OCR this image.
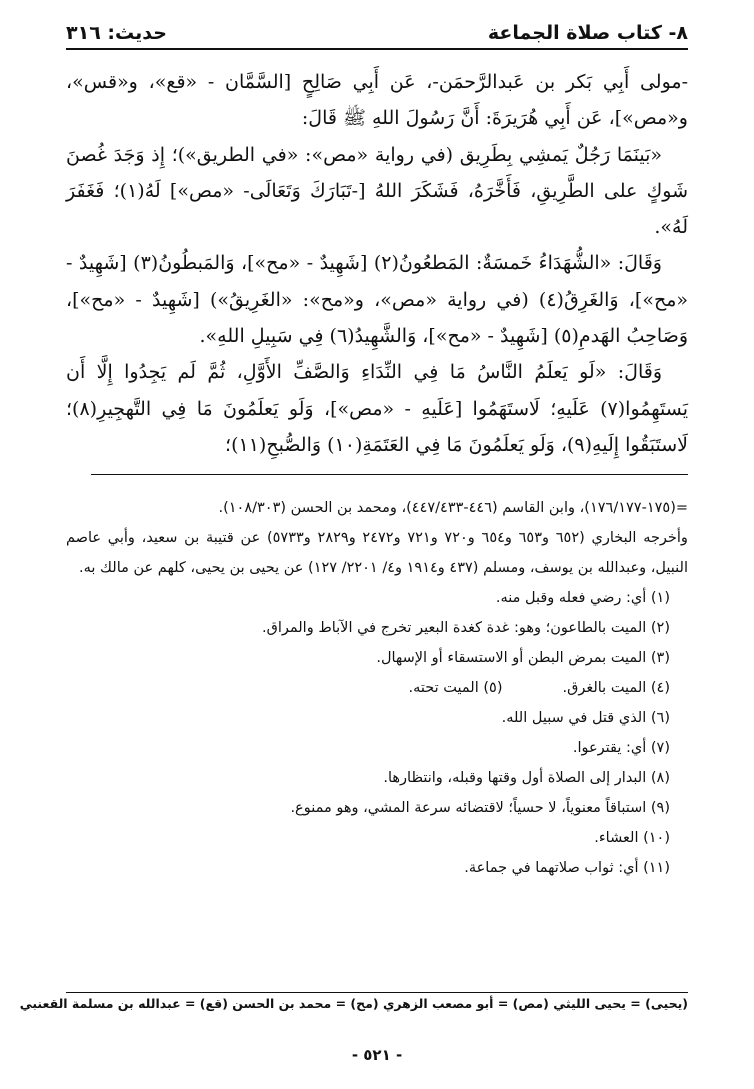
٨- كتاب صلاة الجماعة
حديث: ٣١٦

-مولى أَبِي بَكر بن عَبدالرَّحمَن-، عَن أَبِي صَالِحٍ [السَّمَّان - «قع»، و«قس»، و«مص»]، عَن أَبِي هُرَيرَةَ: أَنَّ رَسُولَ اللهِ ﷺ قَالَ:

«بَينَمَا رَجُلٌ يَمشِي بِطَرِيق (في رواية «مص»: «في الطريق»)؛ إِذ وَجَدَ غُصنَ شَوكٍ على الطَّرِيقِ، فَأَخَّرَهُ، فَشَكَرَ اللهُ [-تَبَارَكَ وَتَعَالَى- «مص»] لَهُ(١)؛ فَغَفَرَ لَهُ».

وَقَالَ: «الشُّهَدَاءُ خَمسَةٌ: المَطعُونُ(٢) [شَهِيدٌ - «مح»]، وَالمَبطُونُ(٣) [شَهِيدٌ - «مح»]، وَالغَرِقُ(٤) (في رواية «مص»، و«مح»: «الغَرِيقُ») [شَهِيدٌ - «مح»]، وَصَاحِبُ الهَدمِ(٥) [شَهِيدٌ - «مح»]، وَالشَّهِيدُ(٦) فِي سَبِيلِ اللهِ».

وَقَالَ: «لَو يَعلَمُ النَّاسُ مَا فِي النِّدَاءِ وَالصَّفِّ الأَوَّلِ، ثُمَّ لَم يَجِدُوا إِلَّا أَن يَستَهِمُوا(٧) عَلَيهِ؛ لَاستَهَمُوا [عَلَيهِ - «مص»]، وَلَو يَعلَمُونَ مَا فِي التَّهجِيرِ(٨)؛ لَاستَبَقُوا إِلَيهِ(٩)، وَلَو يَعلَمُونَ مَا فِي العَتَمَةِ(١٠) وَالصُّبحِ(١١)؛

=(١٧٥-١٧٦/١٧٧)، وابن القاسم (٤٤٦-٤٤٧/٤٣٣)، ومحمد بن الحسن (١٠٨/٣٠٣).

وأخرجه البخاري (٦٥٢ و٦٥٣ و٦٥٤ و٧٢٠ و٧٢١ و٢٤٧٢ و٢٨٢٩ و٥٧٣٣) عن قتيبة بن سعيد، وأبي عاصم النبيل، وعبدالله بن يوسف، ومسلم (٤٣٧ و١٩١٤ و٤/ ٢٢٠١/ ١٢٧) عن يحيى بن يحيى، كلهم عن مالك به.

(١) أي: رضي فعله وقبل منه.

(٢) الميت بالطاعون؛ وهو: غدة كغدة البعير تخرج في الآباط والمراق.

(٣) الميت بمرض البطن أو الاستسقاء أو الإسهال.

(٤) الميت بالغرق.
(٥) الميت تحته.

(٦) الذي قتل في سبيل الله.

(٧) أي: يقترعوا.

(٨) البدار إلى الصلاة أول وقتها وقبله، وانتظارها.

(٩) استباقاً معنوياً، لا حسياً؛ لاقتضائه سرعة المشي، وهو ممنوع.

(١٠) العشاء.

(١١) أي: ثواب صلاتهما في جماعة.

(يحيى) = يحيى الليثي (مص) = أبو مصعب الزهري (مح) = محمد بن الحسن (قع) = عبدالله بن مسلمة القعنبي
- ٥٢١ -
